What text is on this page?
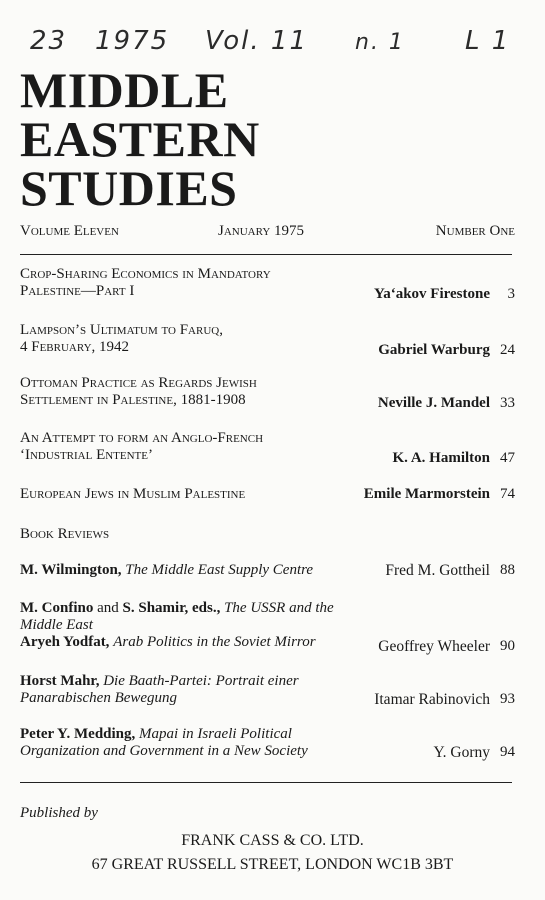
23 1975 Vol. 11 n. 1 L 1
MIDDLE
EASTERN
STUDIES
Volume Eleven	January 1975	Number One
Crop-Sharing Economics in Mandatory
Palestine—Part I	Ya‘akov Firestone	3
Lampson’s Ultimatum to Faruq,
4 February, 1942	Gabriel Warburg 24
Ottoman Practice as Regards Jewish
Settlement in Palestine, 1881-1908	Neville J. Mandel 33
An Attempt to form an Anglo-French
‘Industrial Entente’	K. A. Hamilton 47
European Jews in Muslim Palestine	Emile Marmorstein 74
Book Reviews
M. Wilmington, The Middle East Supply Centre	Fred M. Gottheil 88
M. Confino and S. Shamir, eds., The USSR and the
Middle East
Aryeh Yodfat, Arab Politics in the Soviet Mirror	Geoffrey Wheeler 90
Horst Mahr, Die Baath-Partei: Portrait einer
Panarabischen Bewegung	Itamar Rabinovich 93
Peter Y. Medding, Mapai in Israeli Political
Organization and Government in a New Society	Y. Gorny 94
Published by
FRANK CASS & CO. LTD.
67 GREAT RUSSELL STREET, LONDON WC1B 3BT
